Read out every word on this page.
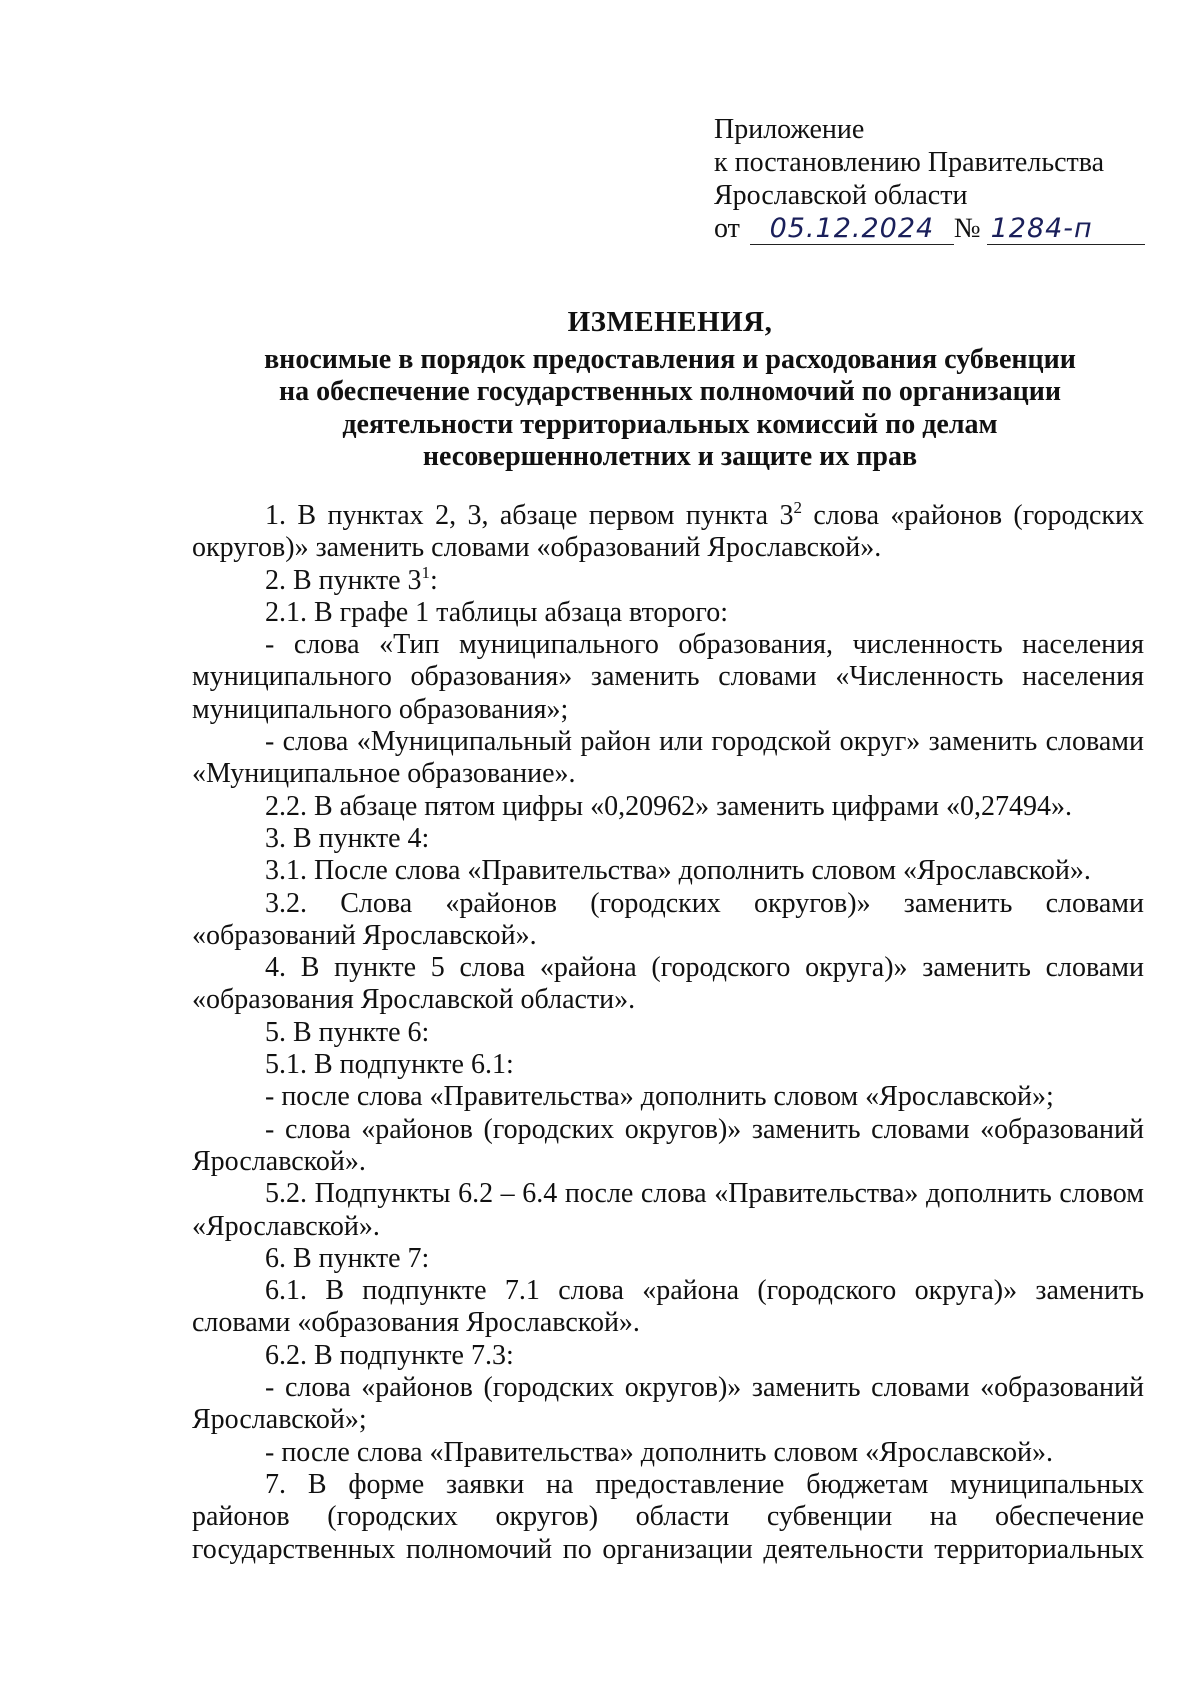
Приложение
к постановлению Правительства
Ярославской области
от	05.12.2024 № 1284-п
ИЗМЕНЕНИЯ,
вносимые в порядок предоставления и расходования субвенции
на обеспечение государственных полномочий по организации
деятельности территориальных комиссий по делам
несовершеннолетних и защите их прав

1. В пунктах 2, 3, абзаце первом пункта $3^2$ слова «районов (городских округов)» заменить словами «образований Ярославской».

2. В пункте $3^1$:

2.1. В графе 1 таблицы абзаца второго:

- слова «Тип муниципального образования, численность населения муниципального образования» заменить словами «Численность населения муниципального образования»;

- слова «Муниципальный район или городской округ» заменить словами «Муниципальное образование».

2.2. В абзаце пятом цифры «0,20962» заменить цифрами «0,27494».

3. В пункте 4:

3.1. После слова «Правительства» дополнить словом «Ярославской».

3.2. Слова «районов (городских округов)» заменить словами «образований Ярославской».

4. В пункте 5 слова «района (городского округа)» заменить словами «образования Ярославской области».

5. В пункте 6:

5.1. В подпункте 6.1:

- после слова «Правительства» дополнить словом «Ярославской»;

- слова «районов (городских округов)» заменить словами «образований Ярославской».

5.2. Подпункты 6.2 – 6.4 после слова «Правительства» дополнить словом «Ярославской».

6. В пункте 7:

6.1. В подпункте 7.1 слова «района (городского округа)» заменить словами «образования Ярославской».

6.2. В подпункте 7.3:

- слова «районов (городских округов)» заменить словами «образований Ярославской»;

- после слова «Правительства» дополнить словом «Ярославской».

7. В форме заявки на предоставление бюджетам муниципальных районов (городских округов) области субвенции на обеспечение государственных полномочий по организации деятельности территориальных
